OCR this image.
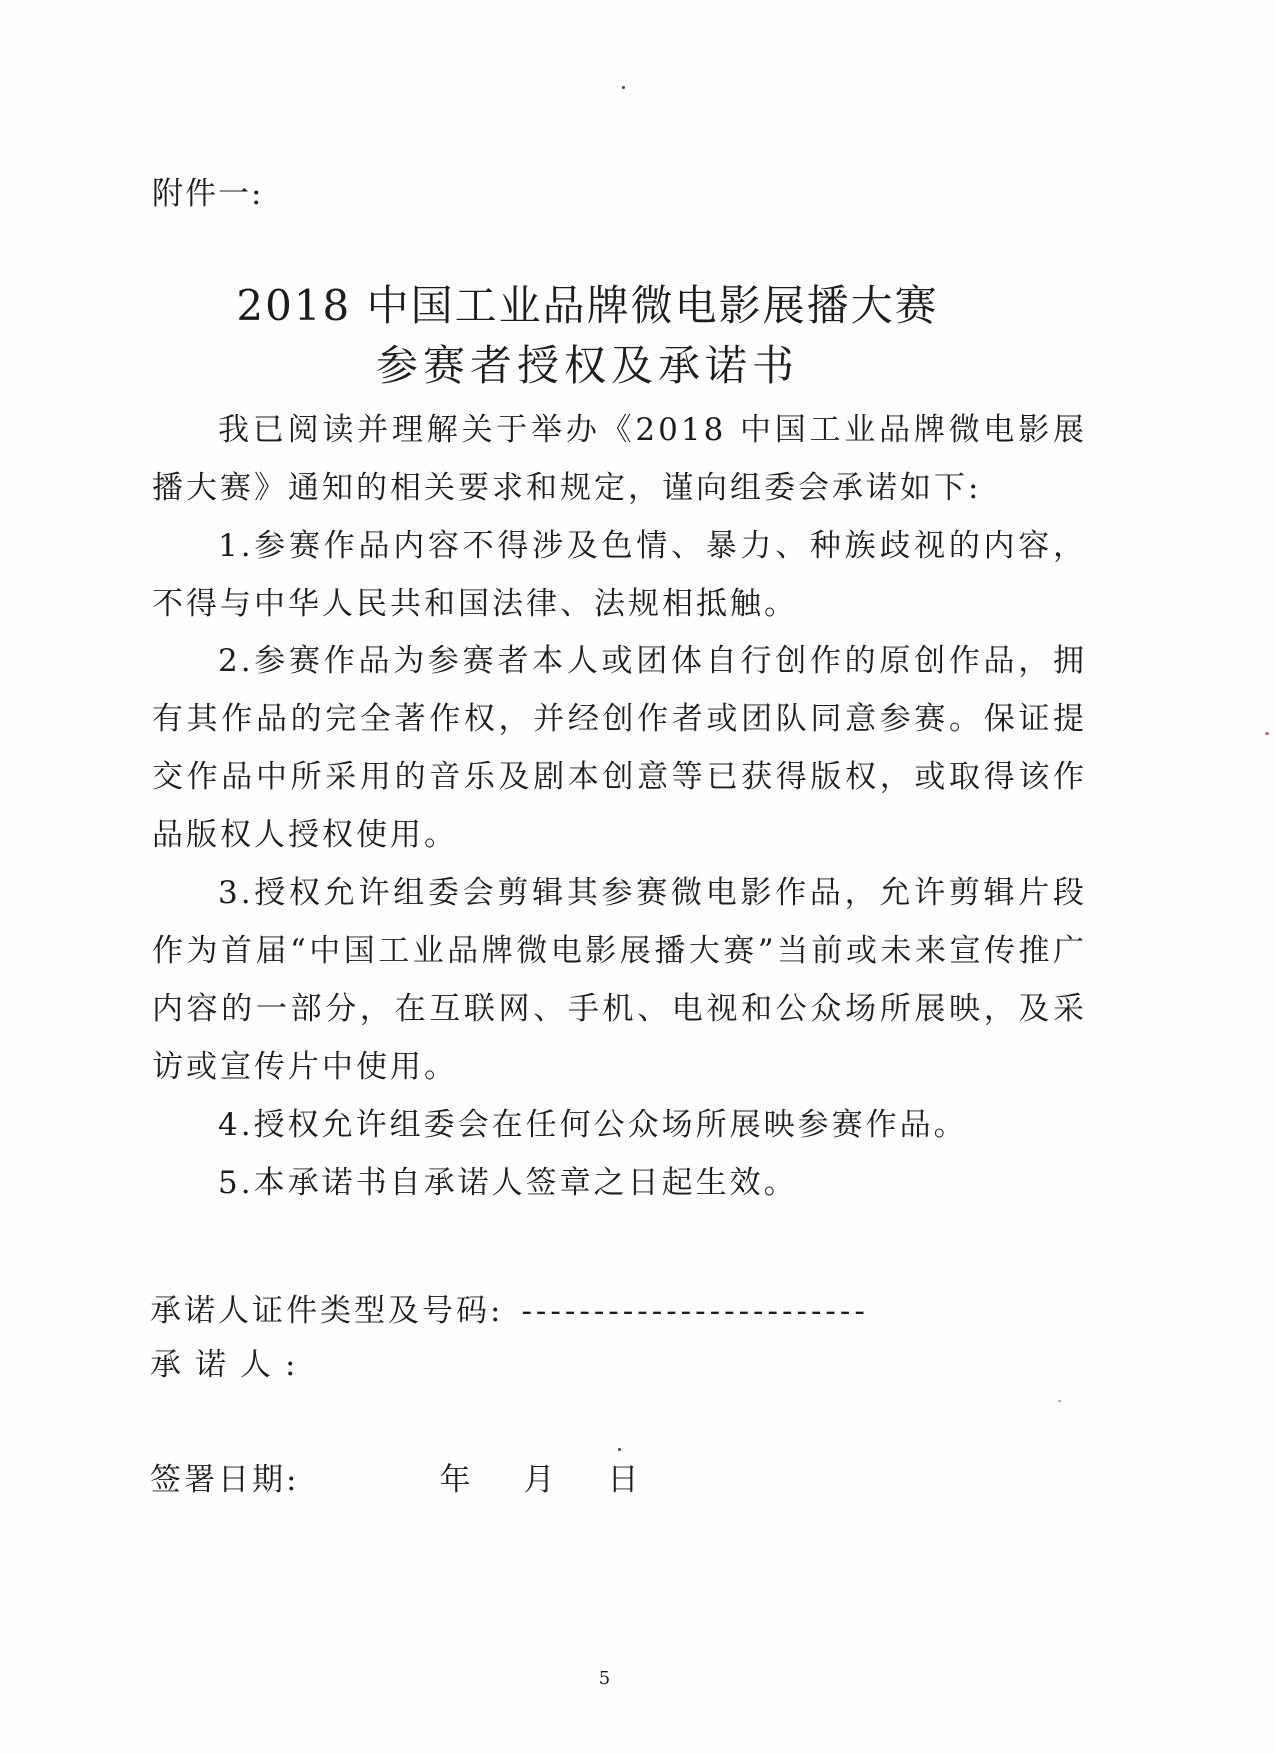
附件一:
2018 中国工业品牌微电影展播大赛
参赛者授权及承诺书
我已阅读并理解关于举办《2018 中国工业品牌微电影展播大赛》通知的相关要求和规定，谨向组委会承诺如下:
1.参赛作品内容不得涉及色情、暴力、种族歧视的内容，不得与中华人民共和国法律、法规相抵触。
2.参赛作品为参赛者本人或团体自行创作的原创作品，拥有其作品的完全著作权，并经创作者或团队同意参赛。保证提交作品中所采用的音乐及剧本创意等已获得版权，或取得该作品版权人授权使用。
3.授权允许组委会剪辑其参赛微电影作品，允许剪辑片段作为首届“中国工业品牌微电影展播大赛”当前或未来宣传推广内容的一部分，在互联网、手机、电视和公众场所展映，及采访或宣传片中使用。
4.授权允许组委会在任何公众场所展映参赛作品。
5.本承诺书自承诺人签章之日起生效。
承诺人证件类型及号码: ------------------------
承诺人:
签署日期:	年 月 日
5
